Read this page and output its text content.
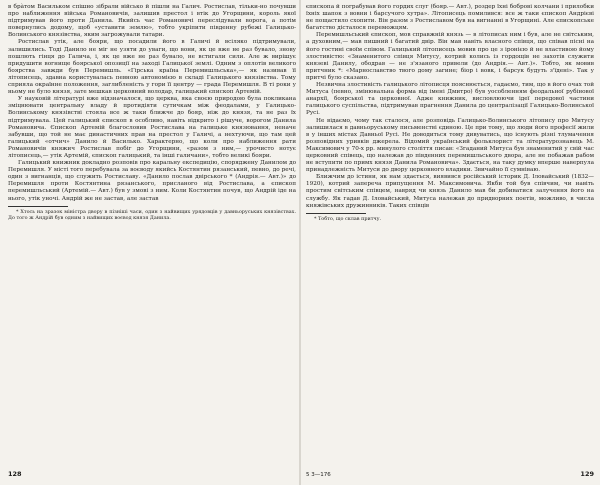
в брàтом Васильком спішно зібрали військо й пішли на Галич. Ростислав, тільки-но почувши про наближення війська Романовичів, залишив престол і втік до Угорщини, король якої підтримував його проти Данила. Якийсь час Романовичі переслідували ворога, а потім повернулись додому, щоб «уставити землю», тобто укріпити південну рубежі Галицько-Волинського князівства, яким загрожували татари.

Ростислав утік, але бояри, що посадили його в Галичі й всіляко підтримували, залишились. Тоді Данило не міг не узяти до уваги, що вони, як це вже не раз бувало, знову пошлють гінця до Галича, і, як це вже не раз бувало, не встигали сили. Але ж вирішує придушити вогнище боярської опозиції на заході Галицької землі. Одним з оплотів великого боярства завжди був Перемишль. «Гірська країна Перемишльська»,— як називав її літописець, здавна користувалась певною автономією в складі Галицького князівства. Тому сприяла окраїнне положення, заглибленість у гори її центру — града Перемишля. В ті роки у ньому не було князя, зате мешкав церковний володар, галицький єпископ Артемій.

У науковій літературі вже відзначалося, що церква, яка своєю природою була покликана зміцнювати центральну владу й протидіяти сутичкам між феодалами, у Галицько-Волинському князівстві стояла все ж таки ближче до бояр, ніж до князя, та не раз їх підтримувала. Цей галицький єпископ в особливо, навіть відкрито і рішуче, ворогом Данила Романовича. Єпископ Артемій благословив Ростислава на галицьке князювання, неначе забувши, що той не має династичних прав на престол у Галичі, а нехтуючи, що там цей галицький «отчич» Данило й Василько. Характерно, що коли про наближення рати Романовичів княжич Ростислав побіг до Угорщини, «разом з ним,— урочисто нотує літописець,— утік Артемій, єпископ галицький, та інші галичани», тобто великі бояри.

Галицький книжник докладно розповів про каральну експедицію, споряджену Данилом до Перемишля. У місті того перебувала за воєводу якийсь Костянтин рязанський, певно, до речі, один з вигнанців, що служить Ростиславу. «Данило послав двірського * (Андрія.— Авт.)» до Перемишля проти Костянтина рязанського, присланого від Ростислава, а єпископ перемишльський (Артемій.— Авт.) був у змові з ним. Коли Костянтин почув, що Андрій іде на нього, утік уночі. Андрій же не застав, але застав

* Хтось на зразок міністра двору в пізніші часи, один з найвищих урядовців у давньоруських князівствах. До того ж Андрій був одним з найвищих воєвод князя Данила.

128

єпископа й пограбував його гордих слуг (бояр.— Авт.), роздер їхні боброві колчани і прилобки їхніх шапок з вовни і барсучого хутра». Літописець помилився: все ж таки єпископ Андрієві не пощастило схопити. Він разом з Ростиславом був на вигнанні в Угорщині. Але єпископське багатство дісталося переможцям.

Перемишльський єпископ, мов справжній князь — в літописах ним і був, але не світським, а духовним,— мав пишний і багатий двір. Він мав навіть власного співця, що співав пісні на його гостині своїм співом. Галицький літописець мовив про це з іронією й не властивою йому злостивістю: «Знаменитого співця Митусу, котрий колись із гордощів не захотів служити князеві Данилу, ободрав — не з'язаного привели (до Андрія.— Авт.)». Тобто, як мовив притчник *: «Марнославство твого дому загине; біор і вовк, і барсук будуть з'їдені». Так у притчі було сказано.

Незвична злостивість галицького літописця пояснюється, гадаємо, тим, що в його очах той Митуса (певно, змінювальна форма від імені Дмитро) був уособленням феодальної рубінової анархії, боярської та церковної. Адже книжник, висловлюючи ідеї передової частини галицького суспільства, підтримував прагнення Данила до централізації Галицько-Волинської Русі.

Не відаємо, чому так сталося, але розповідь Галицько-Волинського літопису про Митусу залишилася в давньоруському письменстві єдиною. Це при тому, що люди його професії жили в у інших містах Давньої Русі. Не доводиться тому дивуватись, що існують різні тлумачення розповідних уривків джерела. Відомий український фольклорист та літературознавець М. Максимович у 70-х рр. минулого століття писав: «Згаданий Митуса був знаменитий у свій час церковний співець, що належав до південних перемишльського двора, але не побажав рабом не вступити по примх князя Данила Романовича». Здається, на таку думку вперше наверпула принадлежність Митуси до двору церковного владики. Звичайно її сумніваю.

Ближчим до істини, як нам здається, виявився російський історик Д. Іловайський (1832—1920), котрий запереча припущення М. Максимовича. Якби той був співчим, чи навіть простим світським співцем, навряд чи князь Данило мав би добиватися залучення його на службу. Як гадав Д. Іловайський, Митуса належав до придворних поетів, можливо, в числа княжівських дружинників. Таких співців

* Тобто, що склав притчу.

5 3—176	129
